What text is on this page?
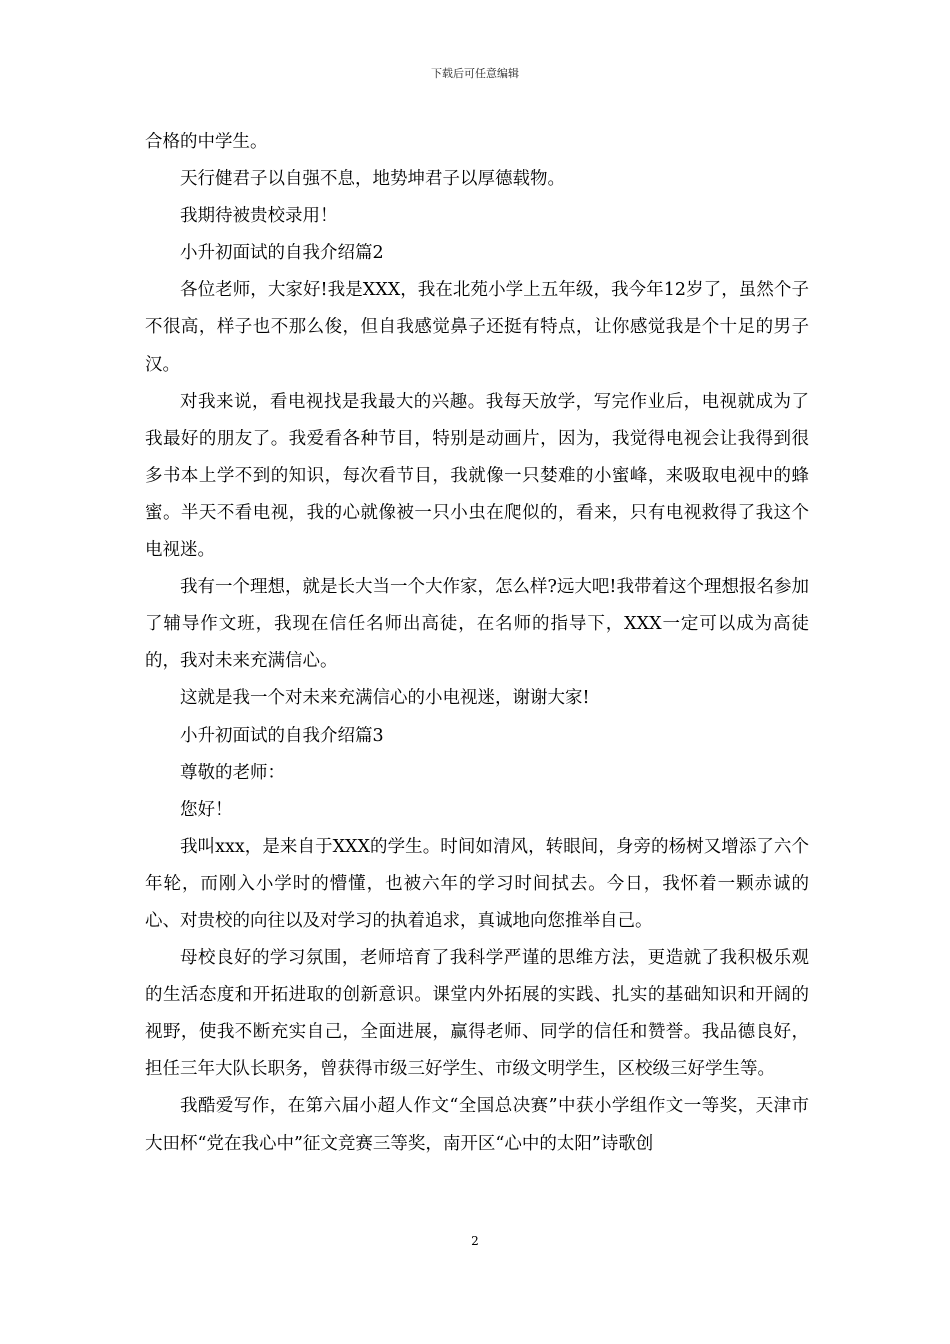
下载后可任意编辑

合格的中学生。

天行健君子以自强不息，地势坤君子以厚德载物。

我期待被贵校录用！

小升初面试的自我介绍篇2

各位老师，大家好!我是XXX，我在北苑小学上五年级，我今年12岁了，虽然个子不很高，样子也不那么俊，但自我感觉鼻子还挺有特点，让你感觉我是个十足的男子汉。

对我来说，看电视找是我最大的兴趣。我每天放学，写完作业后，电视就成为了我最好的朋友了。我爱看各种节目，特别是动画片，因为，我觉得电视会让我得到很多书本上学不到的知识，每次看节目，我就像一只婪难的小蜜峰，来吸取电视中的蜂蜜。半天不看电视，我的心就像被一只小虫在爬似的，看来，只有电视救得了我这个电视迷。

我有一个理想，就是长大当一个大作家，怎么样?远大吧!我带着这个理想报名参加了辅导作文班，我现在信任名师出高徒，在名师的指导下，XXX一定可以成为高徒的，我对未来充满信心。

这就是我一个对未来充满信心的小电视迷，谢谢大家!

小升初面试的自我介绍篇3

尊敬的老师：

您好！

我叫xxx，是来自于XXX的学生。时间如清风，转眼间，身旁的杨树又增添了六个年轮，而刚入小学时的懵懂，也被六年的学习时间拭去。今日，我怀着一颗赤诚的心、对贵校的向往以及对学习的执着追求，真诚地向您推举自己。

母校良好的学习氛围，老师培育了我科学严谨的思维方法，更造就了我积极乐观的生活态度和开拓进取的创新意识。课堂内外拓展的实践、扎实的基础知识和开阔的视野，使我不断充实自己，全面进展，赢得老师、同学的信任和赞誉。我品德良好，担任三年大队长职务，曾获得市级三好学生、市级文明学生，区校级三好学生等。

我酷爱写作，在第六届小超人作文“全国总决赛”中获小学组作文一等奖，天津市大田杯“党在我心中”征文竞赛三等奖，南开区“心中的太阳”诗歌创

2
